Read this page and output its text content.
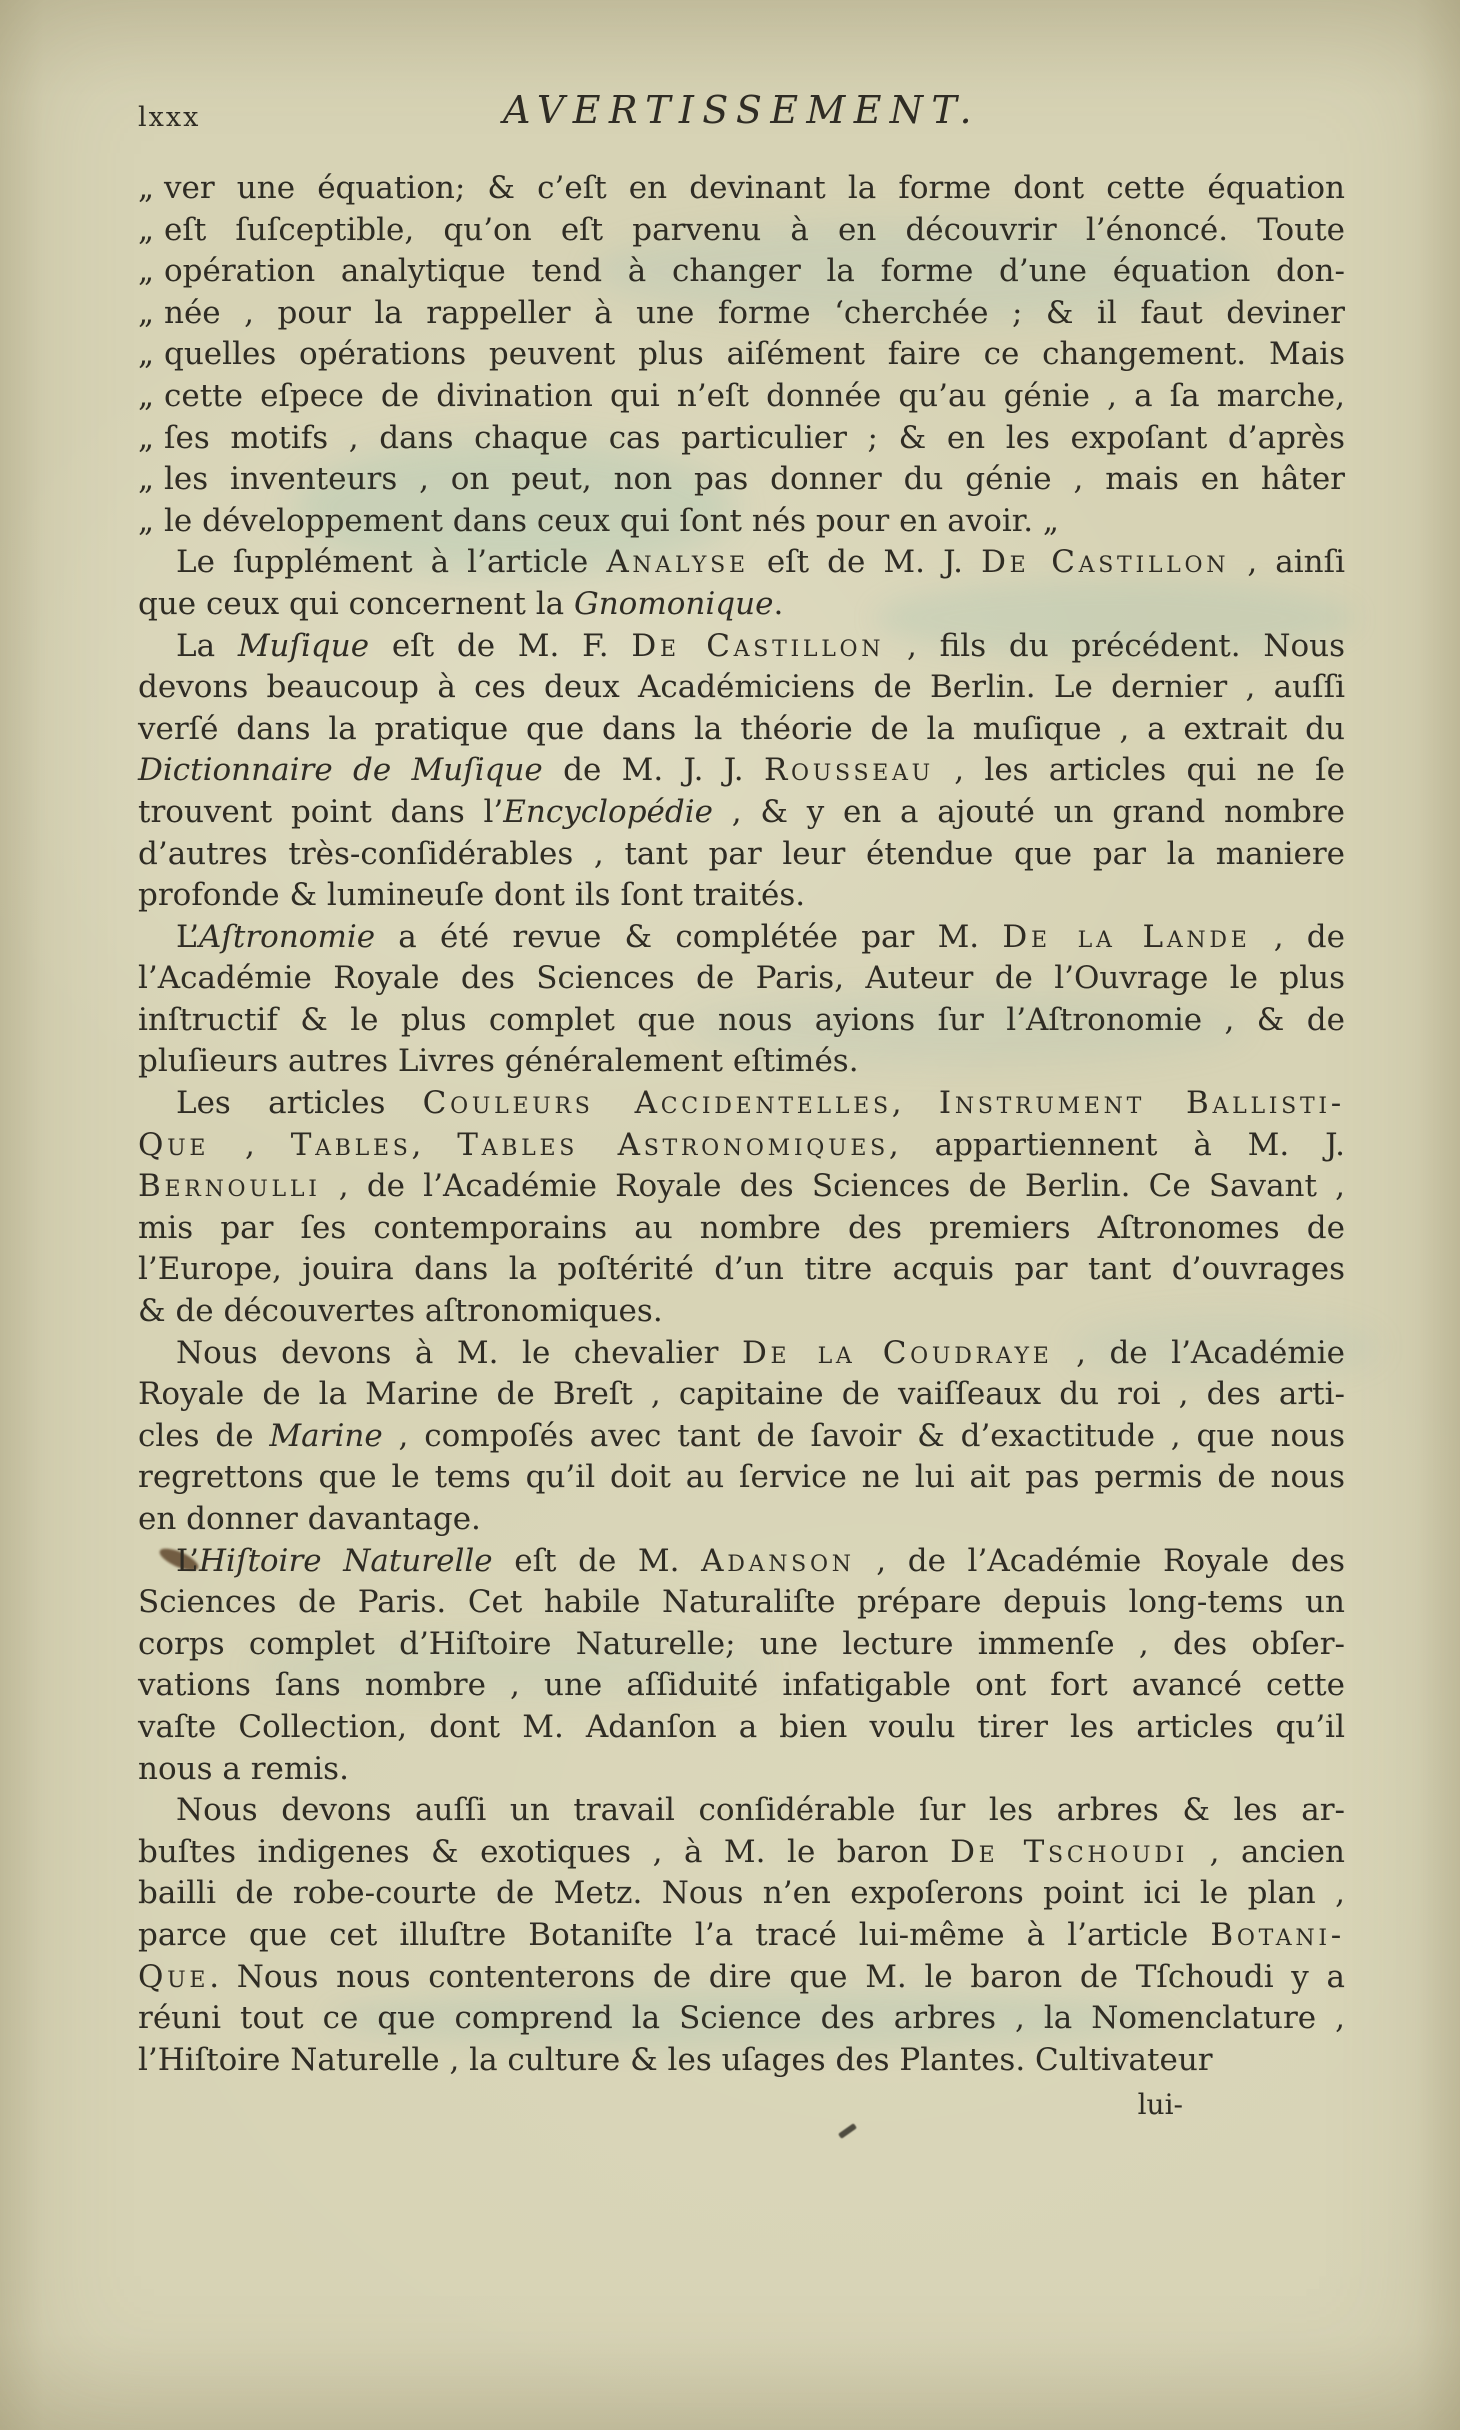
lxxx	AVERTISSEMENT.
„ ver une équation; & c’eſt en devinant la forme dont cette équation
„ eſt ſuſceptible, qu’on eſt parvenu à en découvrir l’énoncé. Toute
„ opération analytique tend à changer la forme d’une équation don-
„ née , pour la rappeller à une forme ‘cherchée ; & il faut deviner
„ quelles opérations peuvent plus aiſément faire ce changement. Mais
„ cette eſpece de divination qui n’eſt donnée qu’au génie , a ſa marche,
„ ſes motifs , dans chaque cas particulier ; & en les expoſant d’après
„ les inventeurs , on peut, non pas donner du génie , mais en hâter
„ le développement dans ceux qui ſont nés pour en avoir. „
Le ſupplément à l’article Analyse eſt de M. J. De Castillon , ainſi
que ceux qui concernent la Gnomonique.
La Muſique eſt de M. F. De Castillon , fils du précédent. Nous
devons beaucoup à ces deux Académiciens de Berlin. Le dernier , auſſi
verſé dans la pratique que dans la théorie de la muſique , a extrait du
Dictionnaire de Muſique de M. J. J. Rousseau , les articles qui ne ſe
trouvent point dans l’Encyclopédie , & y en a ajouté un grand nombre
d’autres très-conſidérables , tant par leur étendue que par la maniere
profonde & lumineuſe dont ils ſont traités.
L’Aſtronomie a été revue & complétée par M. De la Lande , de
l’Académie Royale des Sciences de Paris, Auteur de l’Ouvrage le plus
inſtructif & le plus complet que nous ayions ſur l’Aſtronomie , & de
pluſieurs autres Livres généralement eſtimés.
Les articles Couleurs Accidentelles, Instrument Ballisti-
Que , Tables, Tables Astronomiques, appartiennent à M. J.
Bernoulli , de l’Académie Royale des Sciences de Berlin. Ce Savant ,
mis par ſes contemporains au nombre des premiers Aſtronomes de
l’Europe, jouira dans la poſtérité d’un titre acquis par tant d’ouvrages
& de découvertes aſtronomiques.
Nous devons à M. le chevalier De la Coudraye , de l’Académie
Royale de la Marine de Breſt , capitaine de vaiſſeaux du roi , des arti-
cles de Marine , compoſés avec tant de ſavoir & d’exactitude , que nous
regrettons que le tems qu’il doit au ſervice ne lui ait pas permis de nous
en donner davantage.
L’Hiſtoire Naturelle eſt de M. Adanson , de l’Académie Royale des
Sciences de Paris. Cet habile Naturaliſte prépare depuis long-tems un
corps complet d’Hiſtoire Naturelle; une lecture immenſe , des obſer-
vations ſans nombre , une aſſiduité infatigable ont fort avancé cette
vaſte Collection, dont M. Adanſon a bien voulu tirer les articles qu’il
nous a remis.
Nous devons auſſi un travail conſidérable ſur les arbres & les ar-
buſtes indigenes & exotiques , à M. le baron De Tschoudi , ancien
bailli de robe-courte de Metz. Nous n’en expoſerons point ici le plan ,
parce que cet illuſtre Botaniſte l’a tracé lui-même à l’article Botani-
Que. Nous nous contenterons de dire que M. le baron de Tſchoudi y a
réuni tout ce que comprend la Science des arbres , la Nomenclature ,
l’Hiſtoire Naturelle , la culture & les uſages des Plantes. Cultivateur
lui-
